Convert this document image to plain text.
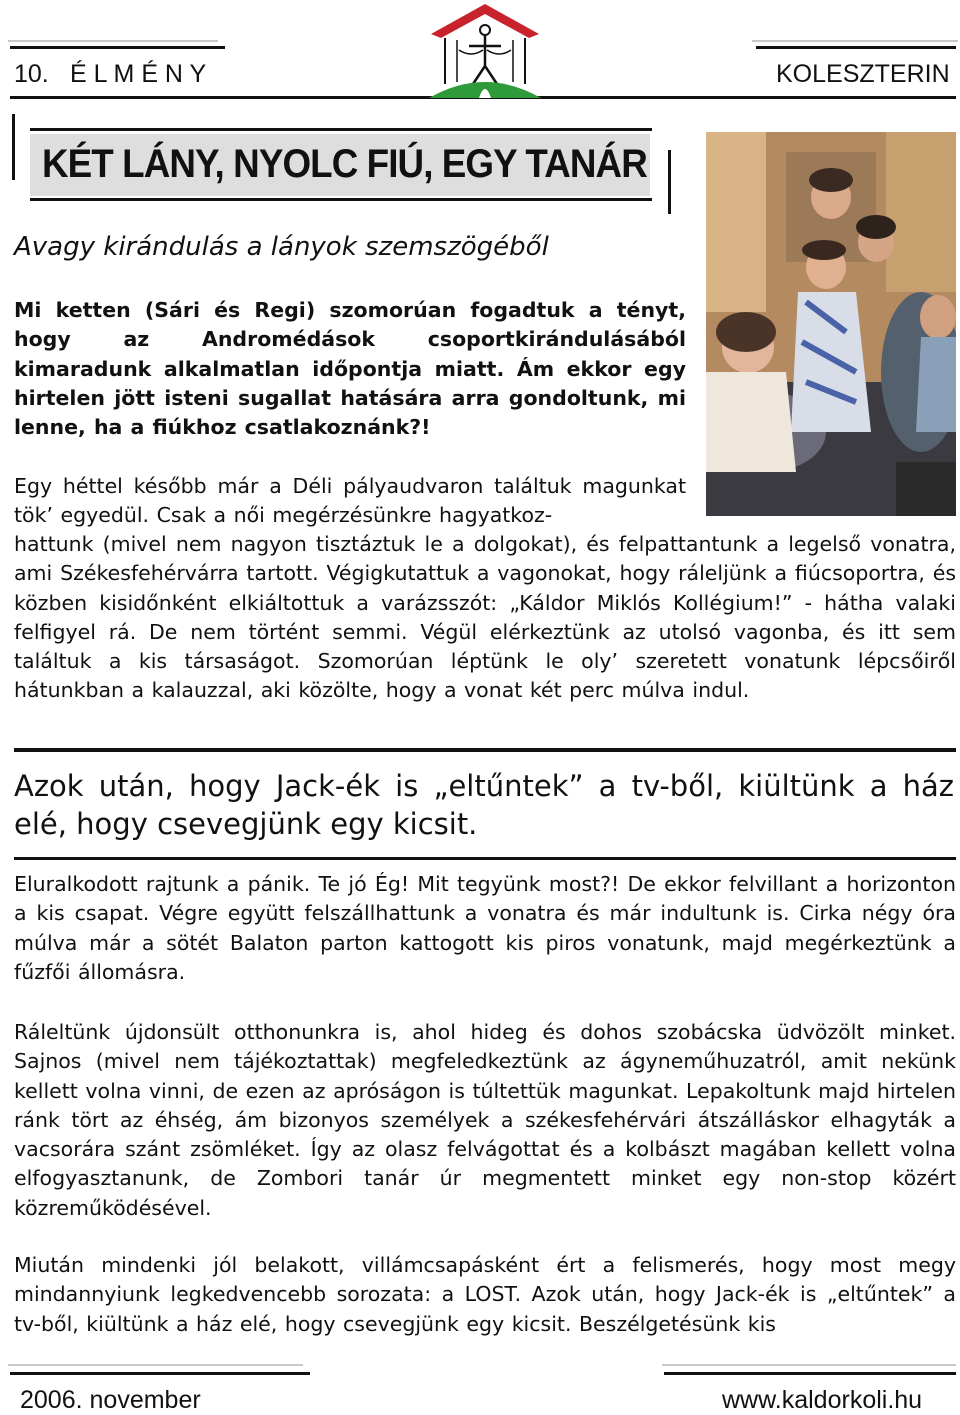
10. É L M É N Y	KOLESZTERIN
KÉT LÁNY, NYOLC FIÚ, EGY TANÁR
Avagy kirándulás a lányok szemszögéből
Mi ketten (Sári és Regi) szomorúan fogadtuk a tényt, hogy az Andromédások csoportkirándulásából kimaradunk alkalmatlan időpontja miatt. Ám ekkor egy hirtelen jött isteni sugallat hatására arra gondoltunk, mi lenne, ha a fiúkhoz csatlakoznánk?!
Egy héttel később már a Déli pályaudvaron találtuk magunkat tök’ egyedül. Csak a női megérzésünkre hagyatkoz-
hattunk (mivel nem nagyon tisztáztuk le a dolgokat), és felpattantunk a legelső vonatra, ami Székesfehérvárra tartott. Végigkutattuk a vagonokat, hogy ráleljünk a fiúcsoportra, és közben kisidőnként elkiáltottuk a varázsszót: „Káldor Miklós Kollégium!” - hátha valaki felfigyel rá. De nem történt semmi. Végül elérkeztünk az utolsó vagonba, és itt sem találtuk a kis társaságot. Szomorúan léptünk le oly’ szeretett vonatunk lépcsőiről hátunkban a kalauzzal, aki közölte, hogy a vonat két perc múlva indul.
Azok után, hogy Jack-ék is „eltűntek” a tv-ből, kiültünk a ház elé, hogy csevegjünk egy kicsit.
Eluralkodott rajtunk a pánik. Te jó Ég! Mit tegyünk most?! De ekkor felvillant a horizonton a kis csapat. Végre együtt felszállhattunk a vonatra és már indultunk is. Cirka négy óra múlva már a sötét Balaton parton kattogott kis piros vonatunk, majd megérkeztünk a fűzfői állomásra.
Ráleltünk újdonsült otthonunkra is, ahol hideg és dohos szobácska üdvözölt minket. Sajnos (mivel nem tájékoztattak) megfeledkeztünk az ágyneműhuzatról, amit nekünk kellett volna vinni, de ezen az apróságon is túltettük magunkat. Lepakoltunk majd hirtelen ránk tört az éhség, ám bizonyos személyek a székesfehérvári átszálláskor elhagyták a vacsorára szánt zsömléket. Így az olasz felvágottat és a kolbászt magában kellett volna elfogyasztanunk, de Zombori tanár úr megmentett minket egy non-stop közért közreműködésével.
Miután mindenki jól belakott, villámcsapásként ért a felismerés, hogy most megy mindannyiunk legkedvencebb sorozata: a LOST. Azok után, hogy Jack-ék is „eltűntek” a tv-ből, kiültünk a ház elé, hogy csevegjünk egy kicsit. Beszélgetésünk kis
2006. november	www.kaldorkoli.hu
